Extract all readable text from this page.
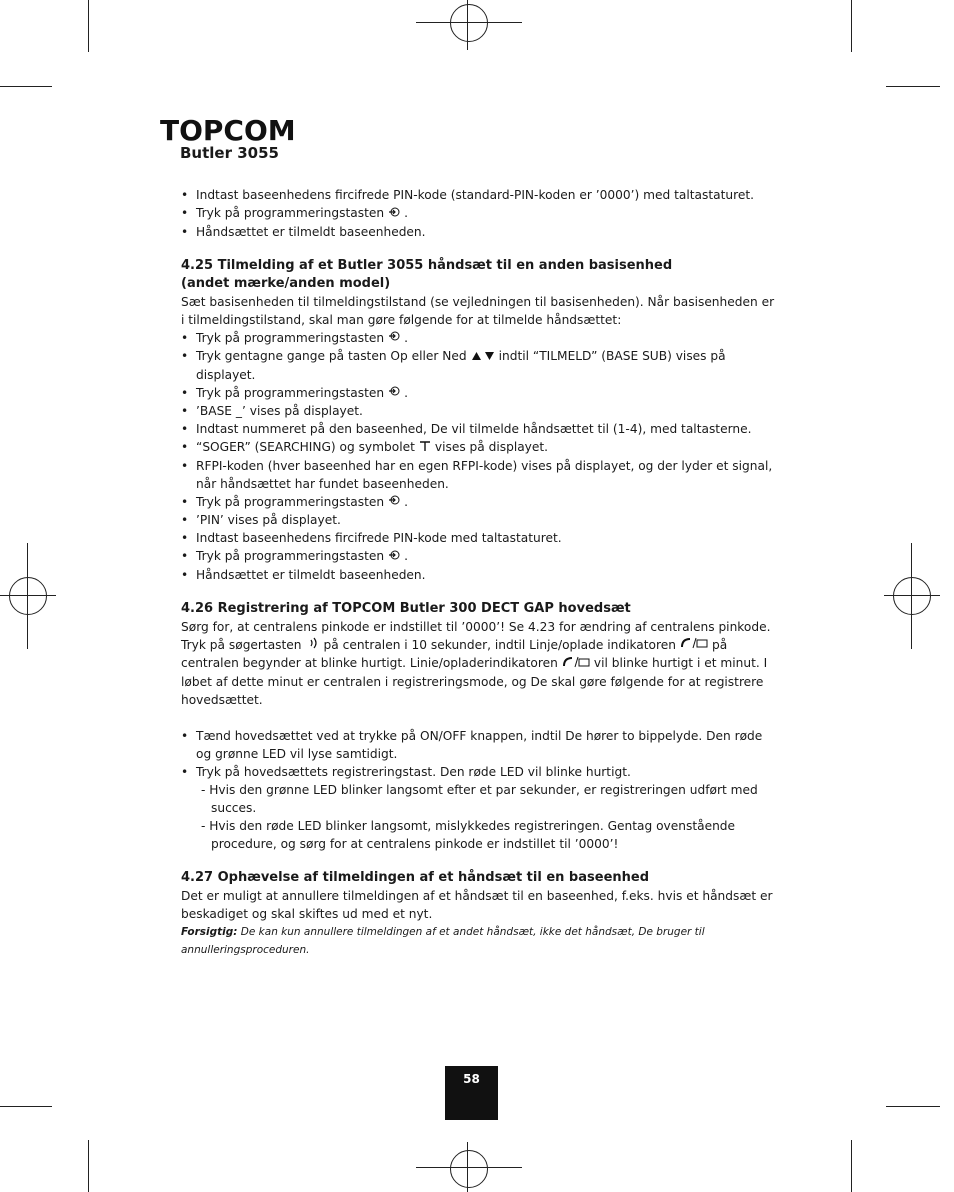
TOPCOM
Butler 3055
• Indtast baseenhedens fircifrede PIN-kode (standard-PIN-koden er ’0000’) med taltastaturet.
• Tryk på programmeringstasten .
• Håndsættet er tilmeldt baseenheden.
4.25 Tilmelding af et Butler 3055 håndsæt til en anden basisenhed
(andet mærke/anden model)

Sæt basisenheden til tilmeldingstilstand (se vejledningen til basisenheden). Når basisenheden er i tilmeldingstilstand, skal man gøre følgende for at tilmelde håndsættet:

• Tryk på programmeringstasten .
• Tryk gentagne gange på tasten Op eller Ned	indtil “TILMELD” (BASE SUB) vises på displayet.
• Tryk på programmeringstasten .
• ’BASE _’ vises på displayet.
• Indtast nummeret på den baseenhed, De vil tilmelde håndsættet til (1-4), med taltasterne.
• “SOGER” (SEARCHING) og symbolet vises på displayet.
• RFPI-koden (hver baseenhed har en egen RFPI-kode) vises på displayet, og der lyder et signal, når håndsættet har fundet baseenheden.
• Tryk på programmeringstasten .
• ’PIN’ vises på displayet.
• Indtast baseenhedens fircifrede PIN-kode med taltastaturet.
• Tryk på programmeringstasten .
• Håndsættet er tilmeldt baseenheden.
4.26 Registrering af TOPCOM Butler 300 DECT GAP hovedsæt

Sørg for, at centralens pinkode er indstillet til ’0000’! Se 4.23 for ændring af centralens pinkode.

Tryk på søgertasten på centralen i 10 sekunder, indtil Linje/oplade indikatoren	på centralen begynder at blinke hurtigt. Linie/opladerindikatoren	vil blinke hurtigt i et minut. I løbet af dette minut er centralen i registreringsmode, og De skal gøre følgende for at registrere hovedsættet.

• Tænd hovedsættet ved at trykke på ON/OFF knappen, indtil De hører to bippelyde. Den røde og grønne LED vil lyse samtidigt.
• Tryk på hovedsættets registreringstast. Den røde LED vil blinke hurtigt.

- Hvis den grønne LED blinker langsomt efter et par sekunder, er registreringen udført med succes.

- Hvis den røde LED blinker langsomt, mislykkedes registreringen. Gentag ovenstående procedure, og sørg for at centralens pinkode er indstillet til ’0000’!

4.27 Ophævelse af tilmeldingen af et håndsæt til en baseenhed

Det er muligt at annullere tilmeldingen af et håndsæt til en baseenhed, f.eks. hvis et håndsæt er beskadiget og skal skiftes ud med et nyt.

Forsigtig: De kan kun annullere tilmeldingen af et andet håndsæt, ikke det håndsæt, De bruger til annulleringsproceduren.

58
